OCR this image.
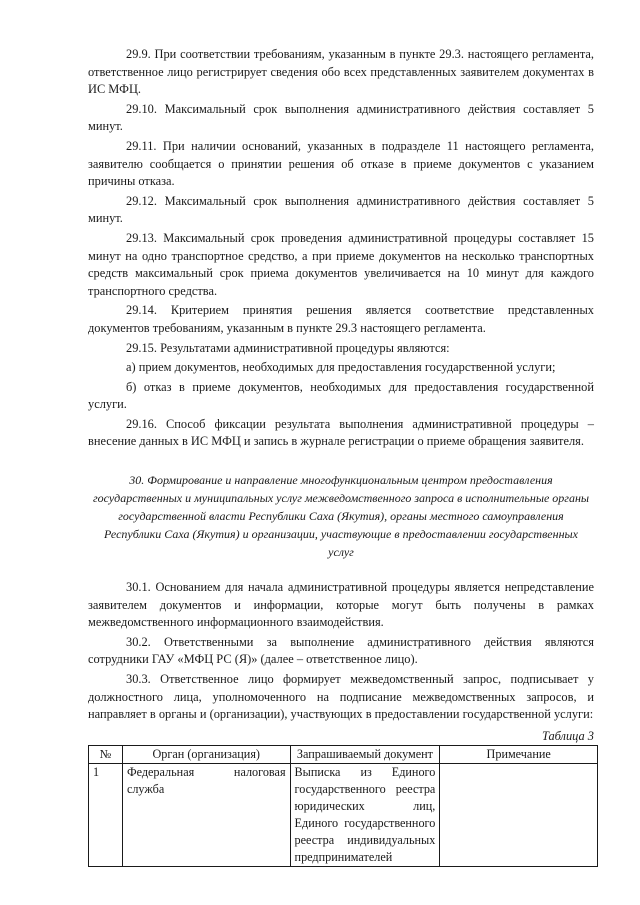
29.9. При соответствии требованиям, указанным в пункте 29.3. настоящего регламента, ответственное лицо регистрирует сведения обо всех представленных заявителем документах в ИС МФЦ.

29.10. Максимальный срок выполнения административного действия составляет 5 минут.

29.11. При наличии оснований, указанных в подразделе 11 настоящего регламента, заявителю сообщается о принятии решения об отказе в приеме документов с указанием причины отказа.

29.12. Максимальный срок выполнения административного действия составляет 5 минут.

29.13. Максимальный срок проведения административной процедуры составляет 15 минут на одно транспортное средство, а при приеме документов на несколько транспортных средств максимальный срок приема документов увеличивается на 10 минут для каждого транспортного средства.

29.14. Критерием принятия решения является соответствие представленных документов требованиям, указанным в пункте 29.3 настоящего регламента.

29.15. Результатами административной процедуры являются:

а) прием документов, необходимых для предоставления государственной услуги;

б) отказ в приеме документов, необходимых для предоставления государственной услуги.

29.16. Способ фиксации результата выполнения административной процедуры – внесение данных в ИС МФЦ и запись в журнале регистрации о приеме обращения заявителя.

30. Формирование и направление многофункциональным центром предоставления государственных и муниципальных услуг межведомственного запроса в исполнительные органы государственной власти Республики Саха (Якутия), органы местного самоуправления Республики Саха (Якутия) и организации, участвующие в предоставлении государственных услуг

30.1. Основанием для начала административной процедуры является непредставление заявителем документов и информации, которые могут быть получены в рамках межведомственного информационного взаимодействия.

30.2. Ответственными за выполнение административного действия являются сотрудники ГАУ «МФЦ РС (Я)» (далее – ответственное лицо).

30.3. Ответственное лицо формирует межведомственный запрос, подписывает у должностного лица, уполномоченного на подписание межведомственных запросов, и направляет в органы и (организации), участвующих в предоставлении государственной услуги:

Таблица 3
№	Орган (организация)	Запрашиваемый документ	Примечание
1	Федеральная налоговая служба	Выписка из Единого государственного реестра юридических лиц, Единого государственного реестра индивидуальных предпринимателей	
